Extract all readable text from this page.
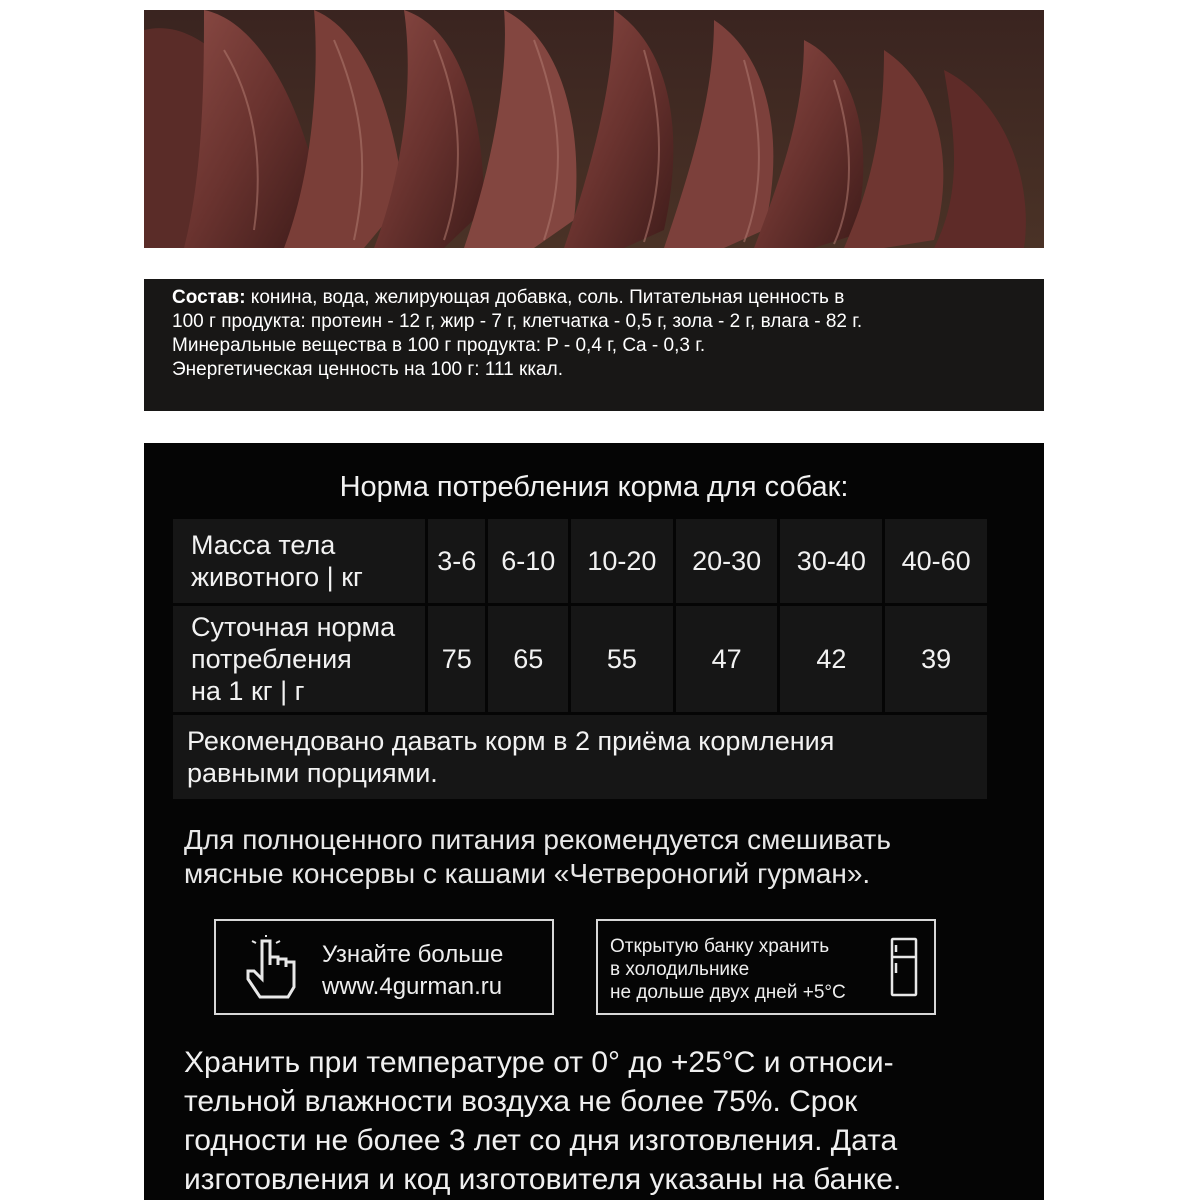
Состав: конина, вода, желирующая добавка, соль. Питательная ценность в
100 г продукта: протеин - 12 г, жир - 7 г, клетчатка - 0,5 г, зола - 2 г, влага - 82 г.
Минеральные вещества в 100 г продукта: P - 0,4 г, Ca - 0,3 г.
Энергетическая ценность на 100 г: 111 ккал.
Норма потребления корма для собак:
Масса тела
животного | кг	3-6	6-10	10-20	20-30	30-40	40-60

Суточная норма
потребления
на 1 кг | г	75	65	55	47	42	39

Рекомендовано давать корм в 2 приёма кормления
равными порциями.						
Для полноценного питания рекомендуется смешивать
мясные консервы с кашами «Четвероногий гурман».
Узнайте больше
www.4gurman.ru
Открытую банку хранить
в холодильнике
не дольше двух дней +5°C
Хранить при температуре от 0° до +25°С и относи-
тельной влажности воздуха не более 75%. Срок
годности не более 3 лет со дня изготовления. Дата
изготовления и код изготовителя указаны на банке.
